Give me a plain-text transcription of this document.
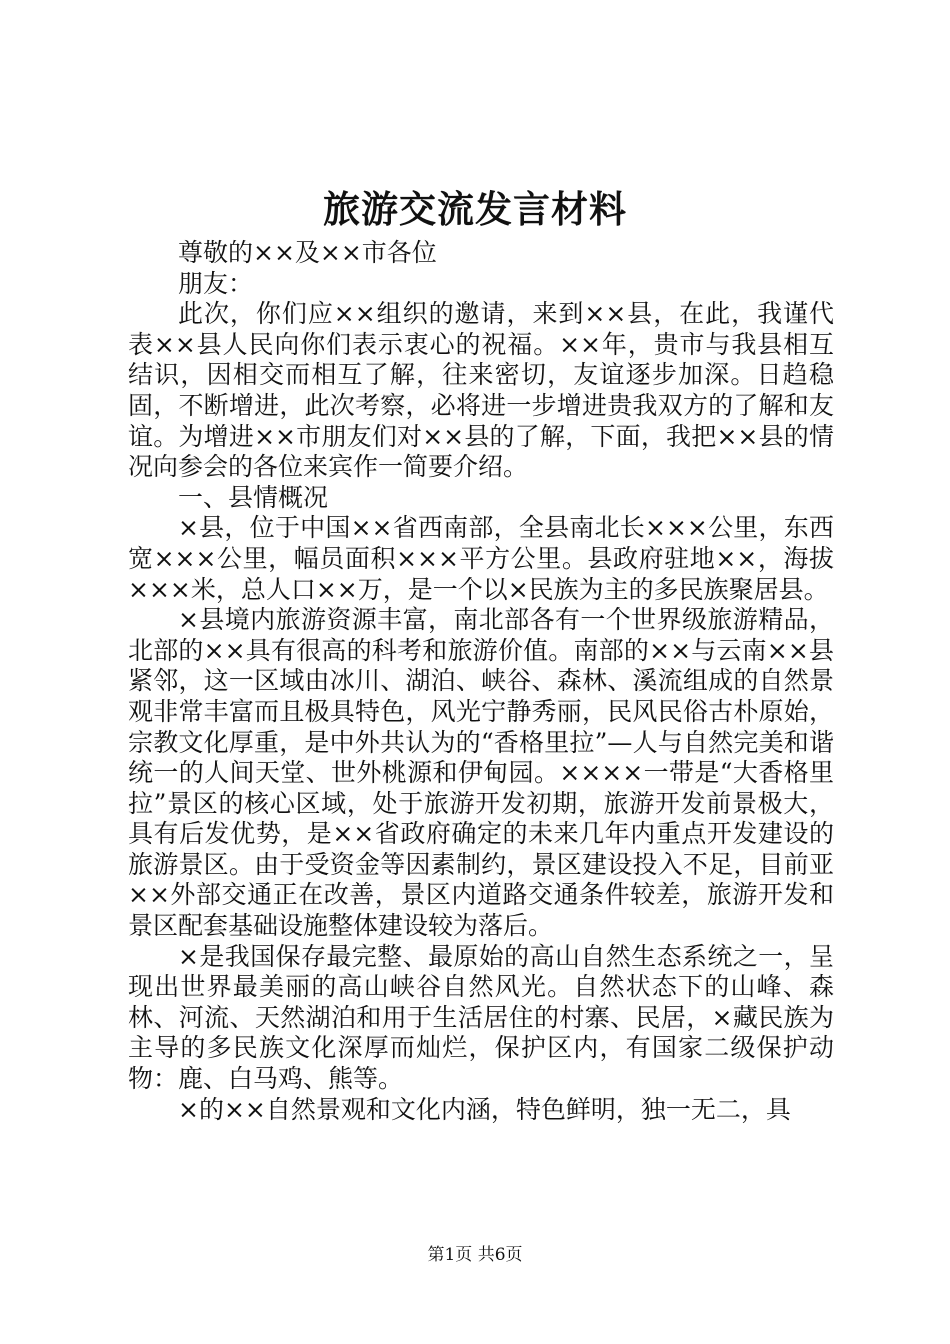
旅游交流发言材料

尊敬的××及××市各位

朋友：

此次，你们应××组织的邀请，来到××县，在此，我谨代表××县人民向你们表示衷心的祝福。××年，贵市与我县相互结识，因相交而相互了解，往来密切，友谊逐步加深。日趋稳固，不断增进，此次考察，必将进一步增进贵我双方的了解和友谊。为增进××市朋友们对××县的了解，下面，我把××县的情况向参会的各位来宾作一简要介绍。

一、县情概况

×县，位于中国××省西南部，全县南北长×××公里，东西宽×××公里，幅员面积×××平方公里。县政府驻地××，海拔×××米，总人口××万，是一个以×民族为主的多民族聚居县。

×县境内旅游资源丰富，南北部各有一个世界级旅游精品，北部的××具有很高的科考和旅游价值。南部的××与云南××县紧邻，这一区域由冰川、湖泊、峡谷、森林、溪流组成的自然景观非常丰富而且极具特色，风光宁静秀丽，民风民俗古朴原始，宗教文化厚重，是中外共认为的“香格里拉”—人与自然完美和谐统一的人间天堂、世外桃源和伊甸园。××××一带是“大香格里拉”景区的核心区域，处于旅游开发初期，旅游开发前景极大，具有后发优势，是××省政府确定的未来几年内重点开发建设的旅游景区。由于受资金等因素制约，景区建设投入不足，目前亚××外部交通正在改善，景区内道路交通条件较差，旅游开发和景区配套基础设施整体建设较为落后。

×是我国保存最完整、最原始的高山自然生态系统之一，呈现出世界最美丽的高山峡谷自然风光。自然状态下的山峰、森林、河流、天然湖泊和用于生活居住的村寨、民居，×藏民族为主导的多民族文化深厚而灿烂，保护区内，有国家二级保护动物：鹿、白马鸡、熊等。

×的××自然景观和文化内涵，特色鲜明，独一无二，具

第1页 共6页
